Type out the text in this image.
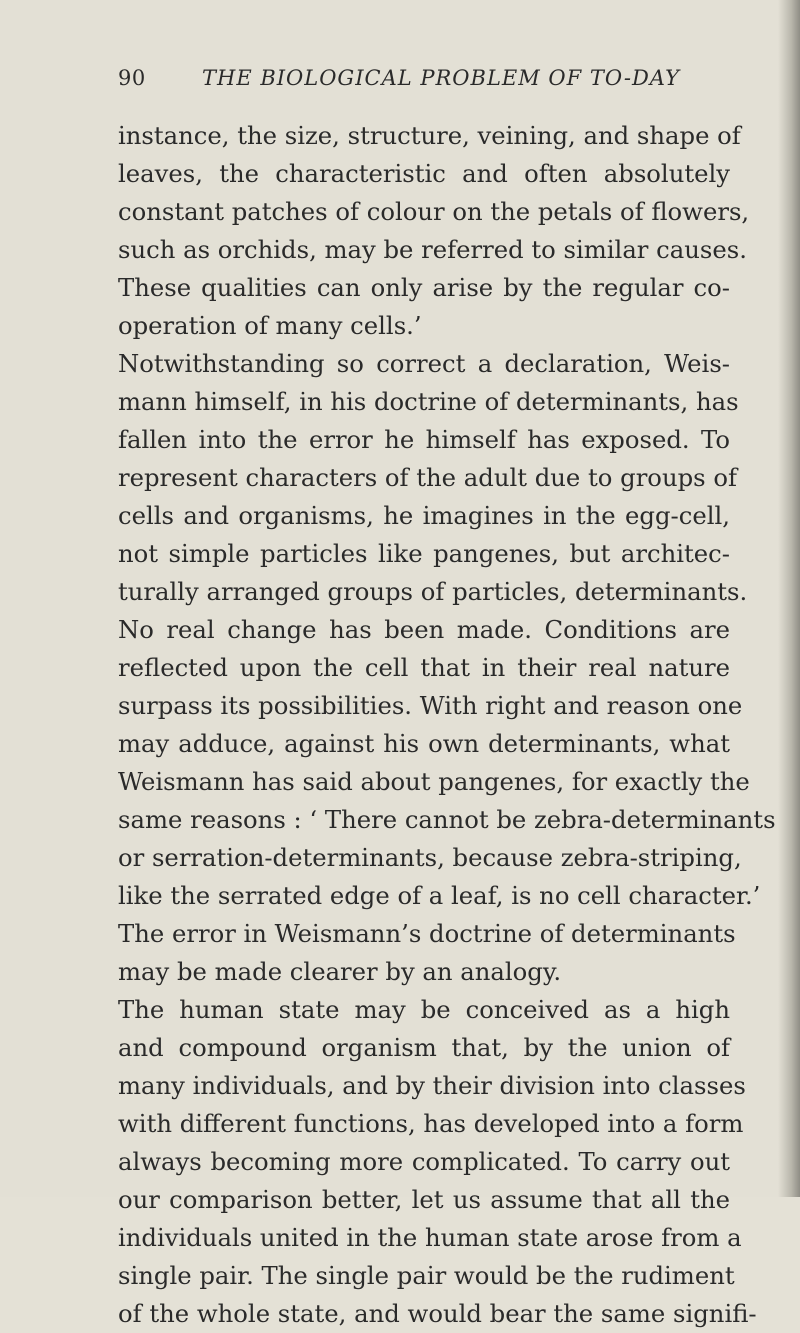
90	THE BIOLOGICAL PROBLEM OF TO-DAY
instance, the size, structure, veining, and shape of
leaves, the characteristic and often absolutely
constant patches of colour on the petals of flowers,
such as orchids, may be referred to similar causes.
These qualities can only arise by the regular co-
operation of many cells.’
Notwithstanding so correct a declaration, Weis-
mann himself, in his doctrine of determinants, has
fallen into the error he himself has exposed. To
represent characters of the adult due to groups of
cells and organisms, he imagines in the egg-cell,
not simple particles like pangenes, but architec-
turally arranged groups of particles, determinants.
No real change has been made. Conditions are
reflected upon the cell that in their real nature
surpass its possibilities. With right and reason one
may adduce, against his own determinants, what
Weismann has said about pangenes, for exactly the
same reasons : ‘ There cannot be zebra-determinants
or serration-determinants, because zebra-striping,
like the serrated edge of a leaf, is no cell character.’
The error in Weismann’s doctrine of determinants
may be made clearer by an analogy.
The human state may be conceived as a high
and compound organism that, by the union of
many individuals, and by their division into classes
with different functions, has developed into a form
always becoming more complicated. To carry out
our comparison better, let us assume that all the
individuals united in the human state arose from a
single pair. The single pair would be the rudiment
of the whole state, and would bear the same signifi-
